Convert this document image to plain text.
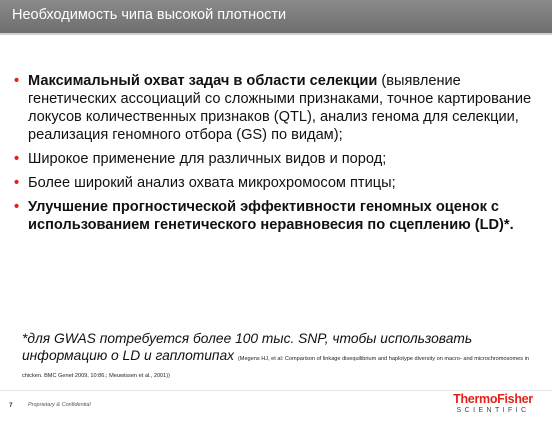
Необходимость чипа высокой плотности
• Максимальный охват задач в области селекции (выявление генетических ассоциаций со сложными признаками, точное картирование локусов количественных признаков (QTL), анализ генома для селекции, реализация геномного отбора (GS) по видам);
• Широкое применение для различных видов и пород;
• Более широкий анализ охвата микрохромосом птицы;
• Улучшение прогностической эффективности геномных оценок с использованием генетического неравновесия по сцеплению (LD)*.
*для GWAS потребуется более 100 тыс. SNP, чтобы использовать информацию о LD и гаплотипах (Megens HJ, et al: Comparison of linkage disequilibrium and haplotype diversity on macro- and microchromosomes in chicken. BMC Genet 2009, 10:86.; Meuwissen et al., 2001))
7	Proprietary & Confidential	ThermoFisher
SCIENTIFIC
